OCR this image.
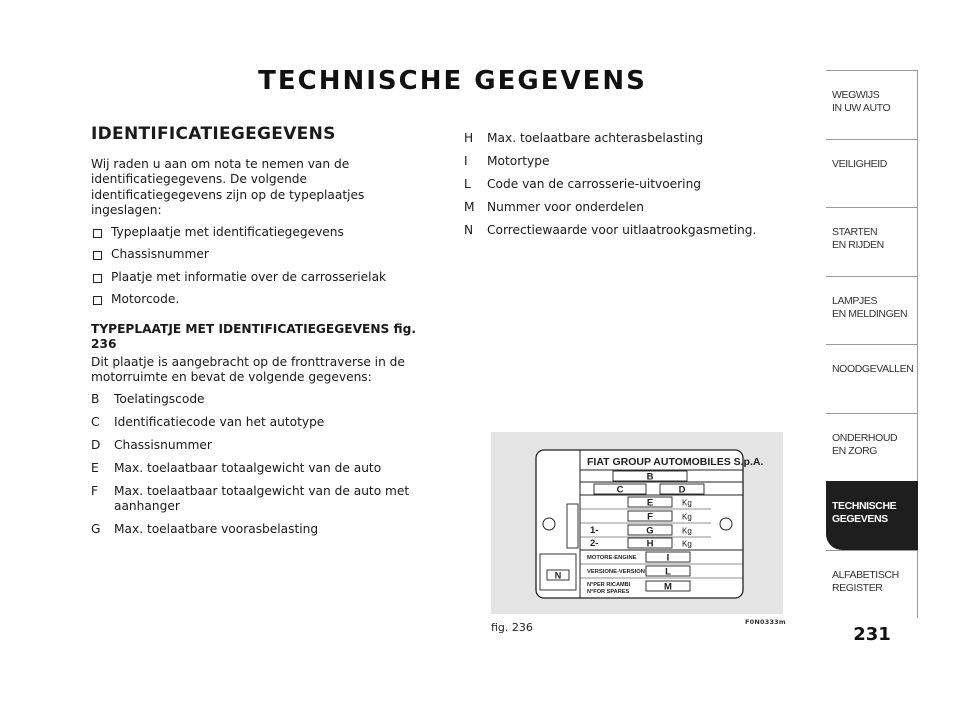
TECHNISCHE GEGEVENS
IDENTIFICATIEGEGEVENS

Wij raden u aan om nota te nemen van de identificatiegegevens. De volgende identificatiegegevens zijn op de typeplaatjes ingeslagen:

Typeplaatje met identificatiegegevens
Chassisnummer
Plaatje met informatie over de carrosserielak
Motorcode.
TYPEPLAATJE MET IDENTIFICATIEGEGEVENS fig. 236

Dit plaatje is aangebracht op de fronttraverse in de motorruimte en bevat de volgende gegevens:

B	Toelatingscode
C	Identificatiecode van het autotype
D	Chassisnummer
E	Max. toelaatbaar totaalgewicht van de auto
F	Max. toelaatbaar totaalgewicht van de auto met aanhanger
G	Max. toelaatbare voorasbelasting
H	Max. toelaatbare achterasbelasting
I	Motortype
L	Code van de carrosserie-uitvoering
M	Nummer voor onderdelen
N	Correctiewaarde voor uitlaatrookgasmeting.
N
FIAT GROUP AUTOMOBILES S.p.A.
B
C	D
E	Kg
F	Kg
1-	G	Kg
2-	H	Kg
MOTORE-ENGINE	I
VERSIONE-VERSION L
N°PER RICAMBI
N°FOR SPARES	M
fig. 236	F0N0333m
WEGWIJS
IN UW AUTO
VEILIGHEID
STARTEN
EN RIJDEN
LAMPJES
EN MELDINGEN
NOODGEVALLEN
ONDERHOUD
EN ZORG
TECHNISCHE
GEGEVENS
ALFABETISCH
REGISTER
231
